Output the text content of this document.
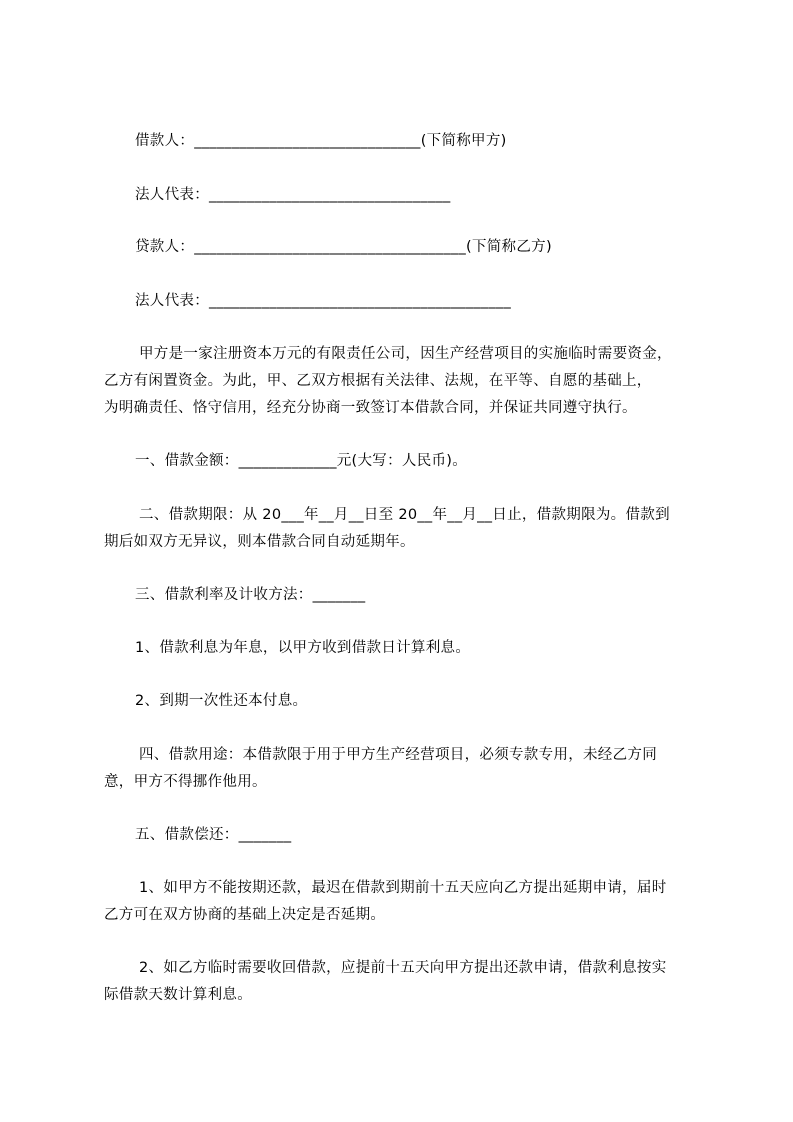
借款人：______________________________(下简称甲方)
法人代表：________________________________
贷款人：____________________________________(下简称乙方)
法人代表：________________________________________
甲方是一家注册资本万元的有限责任公司，因生产经营项目的实施临时需要资金，
乙方有闲置资金。为此，甲、乙双方根据有关法律、法规，在平等、自愿的基础上，
为明确责任、恪守信用，经充分协商一致签订本借款合同，并保证共同遵守执行。
一、借款金额：_____________元(大写：人民币)。
二、借款期限：从 20___年__月__日至 20__年__月__日止，借款期限为。借款到
期后如双方无异议，则本借款合同自动延期年。
三、借款利率及计收方法：_______
1、借款利息为年息，以甲方收到借款日计算利息。
2、到期一次性还本付息。
四、借款用途：本借款限于用于甲方生产经营项目，必须专款专用，未经乙方同
意，甲方不得挪作他用。
五、借款偿还：_______
1、如甲方不能按期还款，最迟在借款到期前十五天应向乙方提出延期申请，届时
乙方可在双方协商的基础上决定是否延期。
2、如乙方临时需要收回借款，应提前十五天向甲方提出还款申请，借款利息按实
际借款天数计算利息。
